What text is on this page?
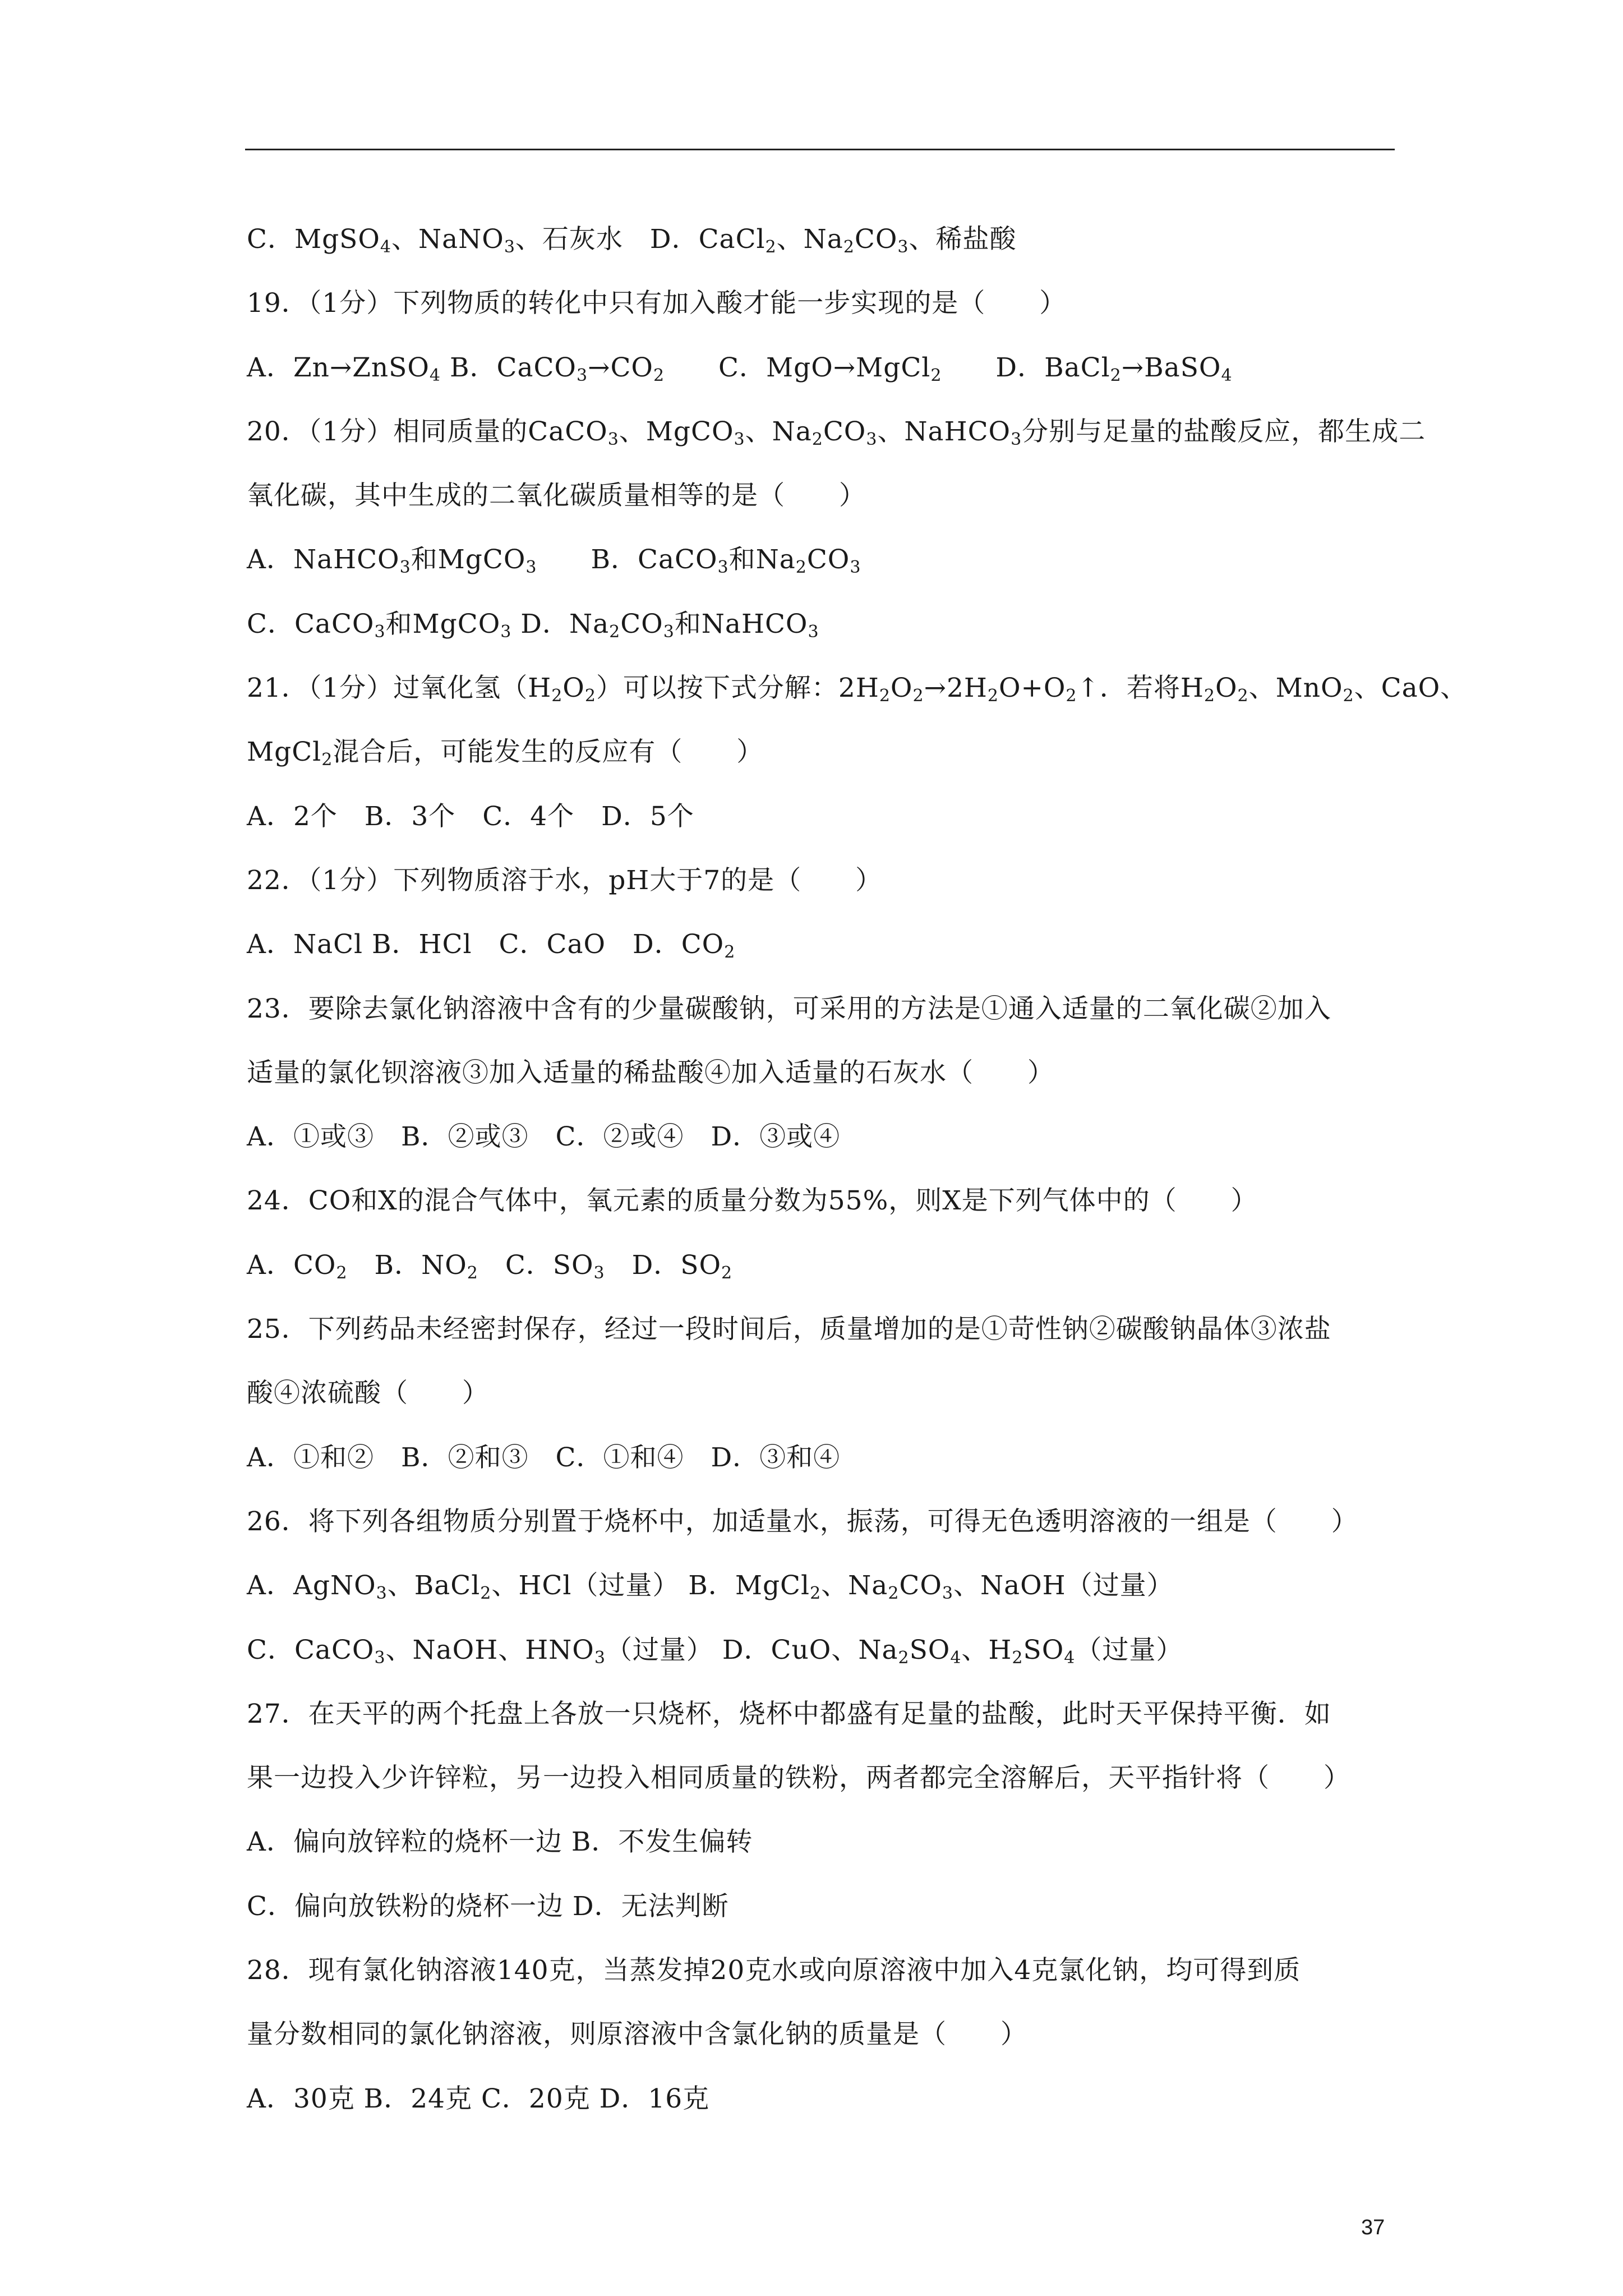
C．MgSO$_4$、NaNO$_3$、石灰水　D．CaCl$_2$、$Na_2CO_3$、稀盐酸
19．（1分）下列物质的转化中只有加入酸才能一步实现的是（　　）
A．Zn→ZnSO$_4$ B．$CaCO_3\to CO_2$　　C．MgO→MgCl$_2$　　D．BaCl$_2$→BaSO$_4$
20．（1分）相同质量的CaCO$_3$、MgCO$_3$、$Na_2CO_3$、NaHCO$_3$分别与足量的盐酸反应，都生成二
氧化碳，其中生成的二氧化碳质量相等的是（　　）
A．NaHCO$_3$和MgCO$_3$　　B．CaCO$_3$和$Na_2CO_3$
C．CaCO$_3$和MgCO$_3$ D．$Na_2CO_3$和NaHCO$_3$
21．（1分）过氧化氢$(H_2O_2)$可以按下式分解：$2H_2O_2\to 2H_2O+O_2↑$．若将$H_2O_2$、MnO$_2$、CaO、
MgCl$_2$混合后，可能发生的反应有（　　）
A．2个　B．3个　C．4个　D．5个
22．（1分）下列物质溶于水，pH大于7的是（　　）
A．NaCl B．HCl　C．CaO　D．$CO_2$
23．要除去氯化钠溶液中含有的少量碳酸钠，可采用的方法是①通入适量的二氧化碳②加入
适量的氯化钡溶液③加入适量的稀盐酸④加入适量的石灰水（　　）
A．①或③　B．②或③　C．②或④　D．③或④
24．CO和X的混合气体中，氧元素的质量分数为55%，则X是下列气体中的（　　）
A．$CO_2$　B．$NO_2$　C．$SO_3$　D．$SO_2$
25．下列药品未经密封保存，经过一段时间后，质量增加的是①苛性钠②碳酸钠晶体③浓盐
酸④浓硫酸（　　）
A．①和②　B．②和③　C．①和④　D．③和④
26．将下列各组物质分别置于烧杯中，加适量水，振荡，可得无色透明溶液的一组是（　　）
A．AgNO$_3$、BaCl$_2$、HCl（过量） B．MgCl$_2$、$Na_2CO_3$、NaOH（过量）
C．CaCO$_3$、NaOH、$HNO_3$（过量） D．CuO、$Na_2SO_4$、$H_2SO_4$（过量）
27．在天平的两个托盘上各放一只烧杯，烧杯中都盛有足量的盐酸，此时天平保持平衡．如
果一边投入少许锌粒，另一边投入相同质量的铁粉，两者都完全溶解后，天平指针将（　　）
A．偏向放锌粒的烧杯一边 B．不发生偏转
C．偏向放铁粉的烧杯一边 D．无法判断
28．现有氯化钠溶液140克，当蒸发掉20克水或向原溶液中加入4克氯化钠，均可得到质
量分数相同的氯化钠溶液，则原溶液中含氯化钠的质量是（　　）
A．30克 B．24克 C．20克 D．16克
37
